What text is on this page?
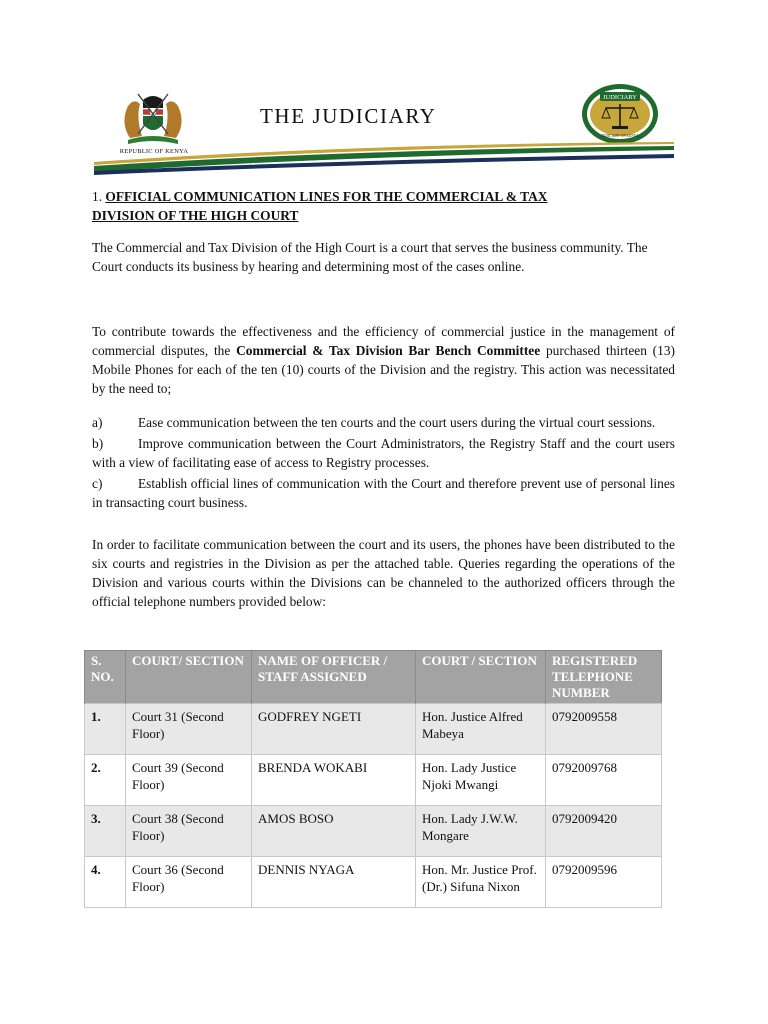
REPUBLIC OF KENYA
THE JUDICIARY
JUDICIARY
JUDICIARY OF KENYA
1. OFFICIAL COMMUNICATION LINES FOR THE COMMERCIAL & TAX
DIVISION OF THE HIGH COURT
The Commercial and Tax Division of the High Court is a court that serves the business community. The Court conducts its business by hearing and determining most of the cases online.
To contribute towards the effectiveness and the efficiency of commercial justice in the management of commercial disputes, the Commercial & Tax Division Bar Bench Committee purchased thirteen (13) Mobile Phones for each of the ten (10) courts of the Division and the registry. This action was necessitated by the need to;
a)	Ease communication between the ten courts and the court users during the virtual court sessions.
b)	Improve communication between the Court Administrators, the Registry Staff and the court users with a view of facilitating ease of access to Registry processes.
c)	Establish official lines of communication with the Court and therefore prevent use of personal lines in transacting court business.
In order to facilitate communication between the court and its users, the phones have been distributed to the six courts and registries in the Division as per the attached table. Queries regarding the operations of the Division and various courts within the Divisions can be channeled to the authorized officers through the official telephone numbers provided below:
S. NO.	COURT/ SECTION	NAME OF OFFICER / STAFF ASSIGNED	COURT / SECTION	REGISTERED TELEPHONE NUMBER
1.	Court 31 (Second Floor)	GODFREY NGETI	Hon. Justice Alfred Mabeya	0792009558
2.	Court 39 (Second Floor)	BRENDA WOKABI	Hon. Lady Justice Njoki Mwangi	0792009768
3.	Court 38 (Second Floor)	AMOS BOSO	Hon. Lady J.W.W. Mongare	0792009420
4.	Court 36 (Second Floor)	DENNIS NYAGA	Hon. Mr. Justice Prof. (Dr.) Sifuna Nixon	0792009596
